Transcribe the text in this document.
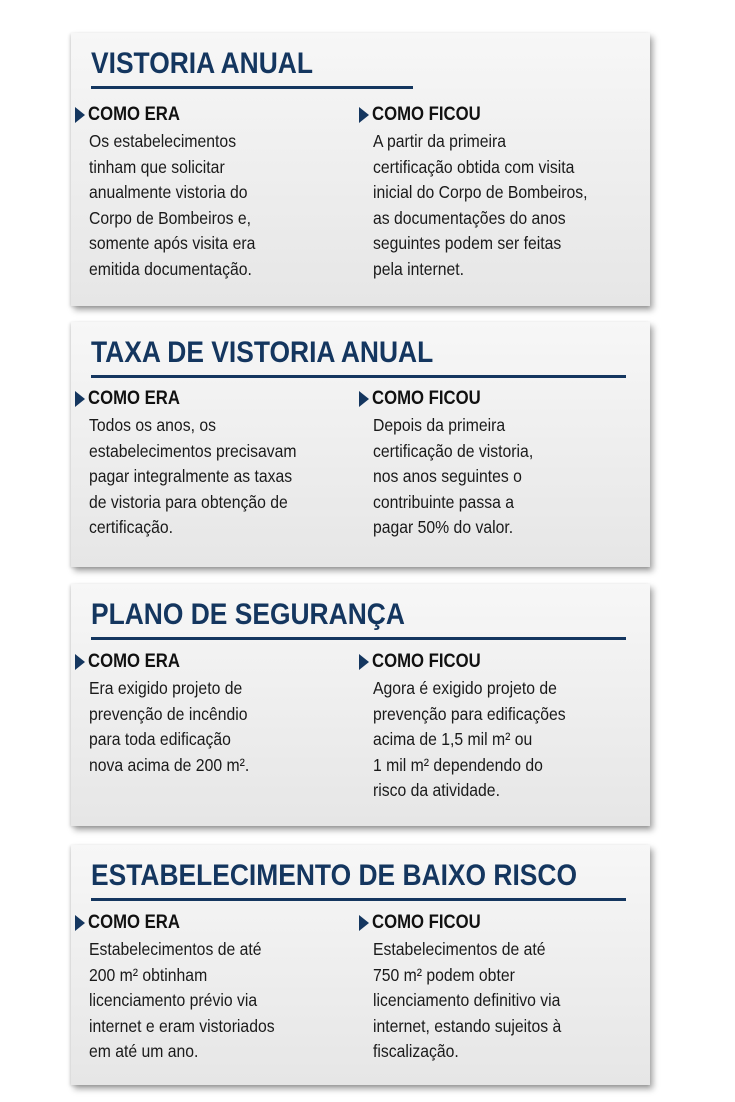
VISTORIA ANUAL
COMO ERA
Os estabelecimentos
tinham que solicitar
anualmente vistoria do
Corpo de Bombeiros e,
somente após visita era
emitida documentação.
COMO FICOU
A partir da primeira
certificação obtida com visita
inicial do Corpo de Bombeiros,
as documentações do anos
seguintes podem ser feitas
pela internet.
TAXA DE VISTORIA ANUAL
COMO ERA
Todos os anos, os
estabelecimentos precisavam
pagar integralmente as taxas
de vistoria para obtenção de
certificação.
COMO FICOU
Depois da primeira
certificação de vistoria,
nos anos seguintes o
contribuinte passa a
pagar 50% do valor.
PLANO DE SEGURANÇA
COMO ERA
Era exigido projeto de
prevenção de incêndio
para toda edificação
nova acima de 200 m².
COMO FICOU
Agora é exigido projeto de
prevenção para edificações
acima de 1,5 mil m² ou
1 mil m² dependendo do
risco da atividade.
ESTABELECIMENTO DE BAIXO RISCO
COMO ERA
Estabelecimentos de até
200 m² obtinham
licenciamento prévio via
internet e eram vistoriados
em até um ano.
COMO FICOU
Estabelecimentos de até
750 m² podem obter
licenciamento definitivo via
internet, estando sujeitos à
fiscalização.
